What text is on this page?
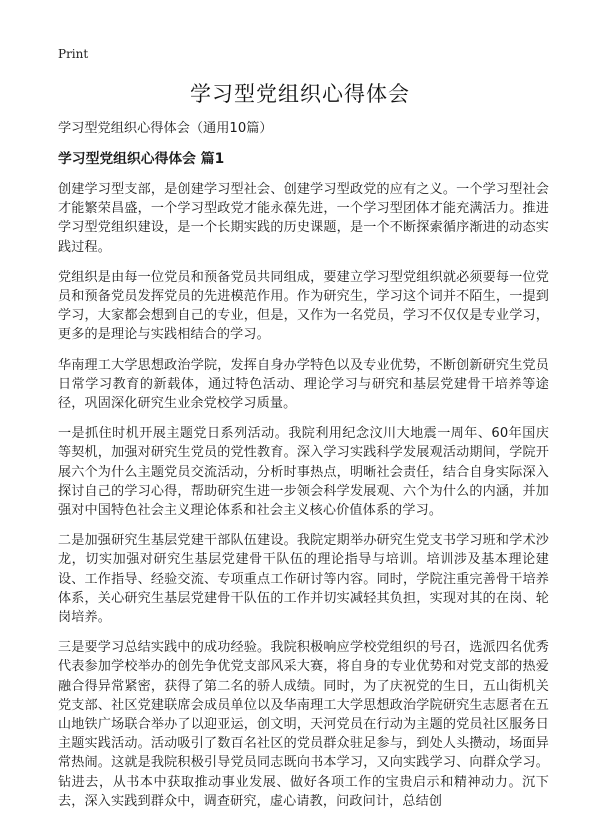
Print
学习型党组织心得体会
学习型党组织心得体会（通用10篇）
学习型党组织心得体会 篇1

创建学习型支部，是创建学习型社会、创建学习型政党的应有之义。一个学习型社会才能繁荣昌盛，一个学习型政党才能永葆先进，一个学习型团体才能充满活力。推进学习型党组织建设，是一个长期实践的历史课题，是一个不断探索循序渐进的动态实践过程。

党组织是由每一位党员和预备党员共同组成，要建立学习型党组织就必须要每一位党员和预备党员发挥党员的先进模范作用。作为研究生，学习这个词并不陌生，一提到学习，大家都会想到自己的专业，但是，又作为一名党员，学习不仅仅是专业学习，更多的是理论与实践相结合的学习。

华南理工大学思想政治学院，发挥自身办学特色以及专业优势，不断创新研究生党员日常学习教育的新载体，通过特色活动、理论学习与研究和基层党建骨干培养等途径，巩固深化研究生业余党校学习质量。

一是抓住时机开展主题党日系列活动。我院利用纪念汶川大地震一周年、60年国庆等契机，加强对研究生党员的党性教育。深入学习实践科学发展观活动期间，学院开展六个为什么主题党员交流活动，分析时事热点，明晰社会责任，结合自身实际深入探讨自己的学习心得，帮助研究生进一步领会科学发展观、六个为什么的内涵，并加强对中国特色社会主义理论体系和社会主义核心价值体系的学习。

二是加强研究生基层党建干部队伍建设。我院定期举办研究生党支书学习班和学术沙龙，切实加强对研究生基层党建骨干队伍的理论指导与培训。培训涉及基本理论建设、工作指导、经验交流、专项重点工作研讨等内容。同时，学院注重完善骨干培养体系，关心研究生基层党建骨干队伍的工作并切实减轻其负担，实现对其的在岗、轮岗培养。

三是要学习总结实践中的成功经验。我院积极响应学校党组织的号召，选派四名优秀代表参加学校举办的创先争优党支部风采大赛，将自身的专业优势和对党支部的热爱融合得异常紧密，获得了第二名的骄人成绩。同时，为了庆祝党的生日，五山街机关党支部、社区党建联席会成员单位以及华南理工大学思想政治学院研究生志愿者在五山地铁广场联合举办了以迎亚运，创文明，天河党员在行动为主题的党员社区服务日主题实践活动。活动吸引了数百名社区的党员群众驻足参与，到处人头攒动，场面异常热闹。这就是我院积极引导党员同志既向书本学习，又向实践学习、向群众学习。钻进去，从书本中获取推动事业发展、做好各项工作的宝贵启示和精神动力。沉下去，深入实践到群众中，调查研究，虚心请教，问政问计，总结创
